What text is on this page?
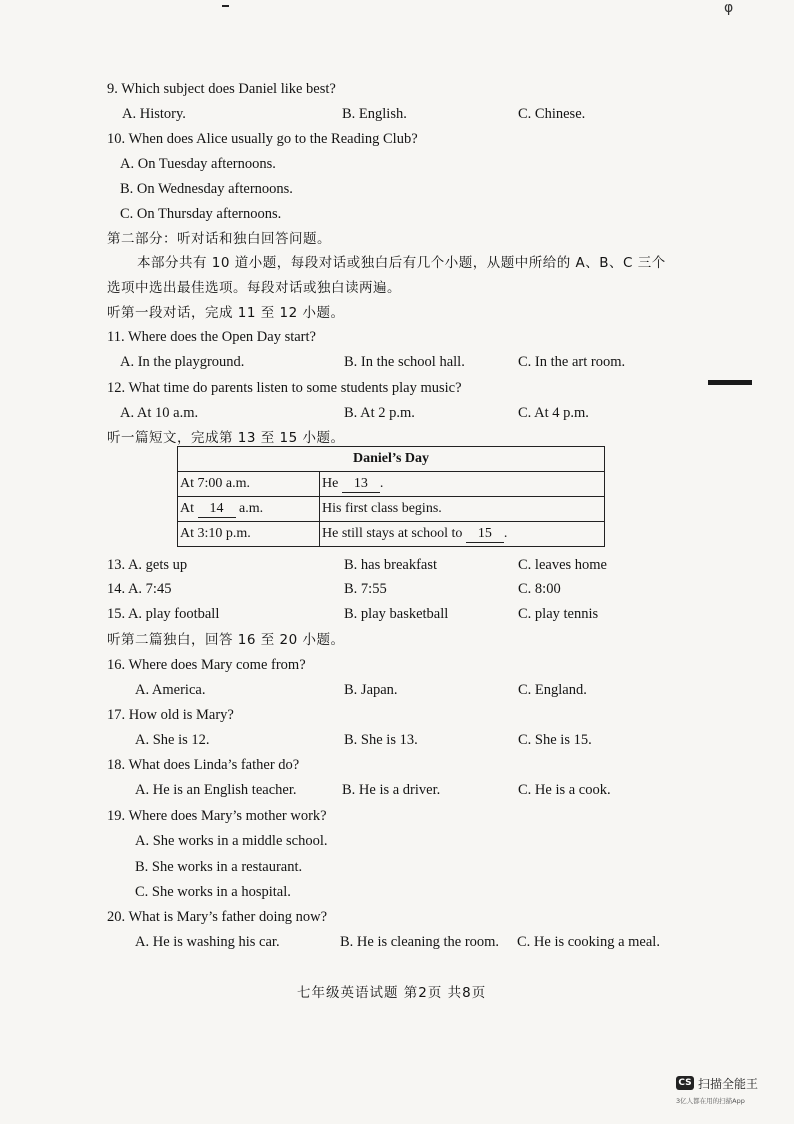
φ
9. Which subject does Daniel like best?
A. History.	B. English.	C. Chinese.
10. When does Alice usually go to the Reading Club?
A. On Tuesday afternoons.
B. On Wednesday afternoons.
C. On Thursday afternoons.
第二部分：听对话和独白回答问题。
本部分共有 10 道小题，每段对话或独白后有几个小题，从题中所给的 A、B、C 三个
选项中选出最佳选项。每段对话或独白读两遍。
听第一段对话，完成 11 至 12 小题。
11. Where does the Open Day start?
A. In the playground.	B. In the school hall.	C. In the art room.
12. What time do parents listen to some students play music?
A. At 10 a.m.	B. At 2 p.m.	C. At 4 p.m.
听一篇短文，完成第 13 至 15 小题。
Daniel’s Day	
At 7:00 a.m.	He 13 .
At 14 a.m.	His first class begins.
At 3:10 p.m.	He still stays at school to 15 .
13. A. gets up	B. has breakfast	C. leaves home
14. A. 7:45	B. 7:55	C. 8:00
15. A. play football	B. play basketball	C. play tennis
听第二篇独白，回答 16 至 20 小题。
16. Where does Mary come from?
A. America.	B. Japan.	C. England.
17. How old is Mary?
A. She is 12.	B. She is 13.	C. She is 15.
18. What does Linda’s father do?
A. He is an English teacher.	B. He is a driver.	C. He is a cook.
19. Where does Mary’s mother work?
A. She works in a middle school.
B. She works in a restaurant.
C. She works in a hospital.
20. What is Mary’s father doing now?
A. He is washing his car.	B. He is cleaning the room. C. He is cooking a meal.
七年级英语试题 第2页 共8页
CS 扫描全能王
3亿人都在用的扫描App
